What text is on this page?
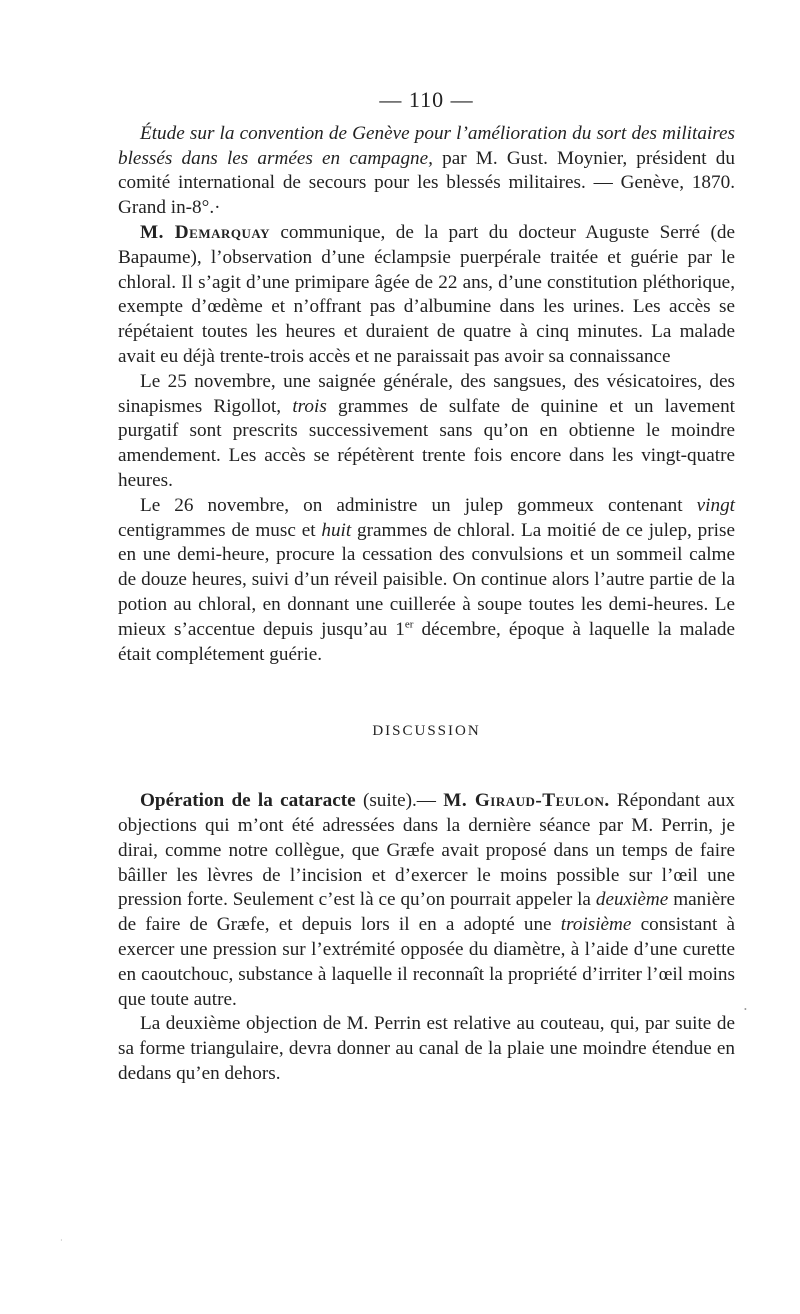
— 110 —

Étude sur la convention de Genève pour l’amélioration du sort des militaires blessés dans les armées en campagne, par M. Gust. Moynier, président du comité international de secours pour les blessés militaires. — Genève, 1870. Grand in-8°.·

M. Demarquay communique, de la part du docteur Auguste Serré (de Bapaume), l’observation d’une éclampsie puerpérale traitée et guérie par le chloral. Il s’agit d’une primipare âgée de 22 ans, d’une constitution pléthorique, exempte d’œdème et n’offrant pas d’albumine dans les urines. Les accès se répétaient toutes les heures et duraient de quatre à cinq minutes. La malade avait eu déjà trente-trois accès et ne paraissait pas avoir sa connaissance

Le 25 novembre, une saignée générale, des sangsues, des vésicatoires, des sinapismes Rigollot, trois grammes de sulfate de quinine et un lavement purgatif sont prescrits successivement sans qu’on en obtienne le moindre amendement. Les accès se répétèrent trente fois encore dans les vingt-quatre heures.

Le 26 novembre, on administre un julep gommeux contenant vingt centigrammes de musc et huit grammes de chloral. La moitié de ce julep, prise en une demi-heure, procure la cessation des convulsions et un sommeil calme de douze heures, suivi d’un réveil paisible. On continue alors l’autre partie de la potion au chloral, en donnant une cuillerée à soupe toutes les demi-heures. Le mieux s’accentue depuis jusqu’au 1er décembre, époque à laquelle la malade était complétement guérie.

DISCUSSION

Opération de la cataracte (suite).— M. Giraud-Teulon. Répondant aux objections qui m’ont été adressées dans la dernière séance par M. Perrin, je dirai, comme notre collègue, que Græfe avait proposé dans un temps de faire bâiller les lèvres de l’incision et d’exercer le moins possible sur l’œil une pression forte. Seulement c’est là ce qu’on pourrait appeler la deuxième manière de faire de Græfe, et depuis lors il en a adopté une troisième consistant à exercer une pression sur l’extrémité opposée du diamètre, à l’aide d’une curette en caoutchouc, substance à laquelle il reconnaît la propriété d’irriter l’œil moins que toute autre.

La deuxième objection de M. Perrin est relative au couteau, qui, par suite de sa forme triangulaire, devra donner au canal de la plaie une moindre étendue en dedans qu’en dehors.

•
·
